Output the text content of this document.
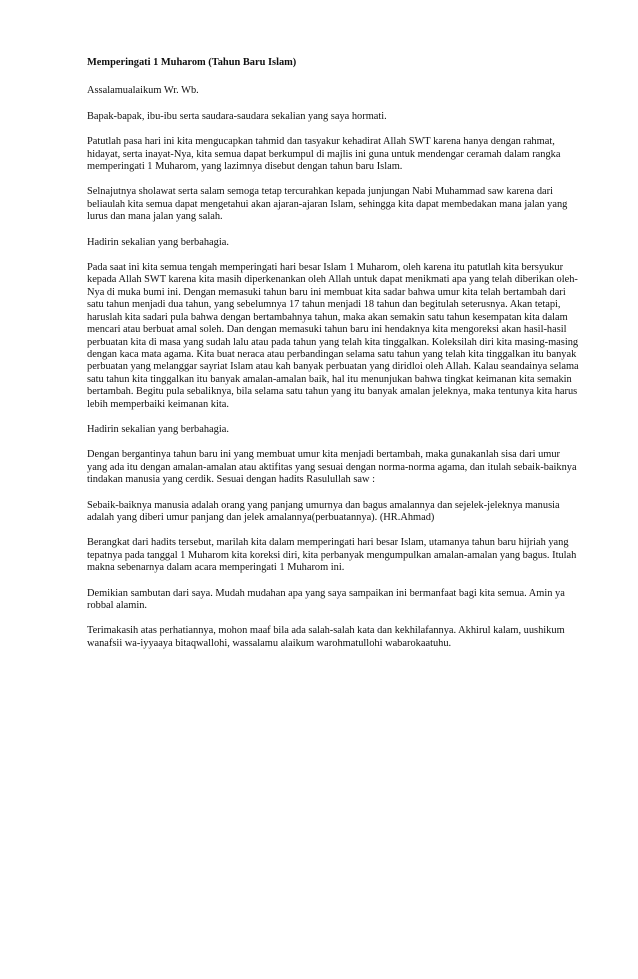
Memperingati 1 Muharom (Tahun Baru Islam)

Assalamualaikum Wr. Wb.

Bapak-bapak, ibu-ibu serta saudara-saudara sekalian yang saya hormati.

Patutlah pasa hari ini kita mengucapkan tahmid dan tasyakur kehadirat Allah SWT karena hanya dengan rahmat, hidayat, serta inayat-Nya, kita semua dapat berkumpul di majlis ini guna untuk mendengar ceramah dalam rangka memperingati 1 Muharom, yang lazimnya disebut dengan tahun baru Islam.

Selnajutnya sholawat serta salam semoga tetap tercurahkan kepada junjungan Nabi Muhammad saw karena dari beliaulah kita semua dapat mengetahui akan ajaran-ajaran Islam, sehingga kita dapat membedakan mana jalan yang lurus dan mana jalan yang salah.

Hadirin sekalian yang berbahagia.

Pada saat ini kita semua tengah memperingati hari besar Islam 1 Muharom, oleh karena itu patutlah kita bersyukur kepada Allah SWT karena kita masih diperkenankan oleh Allah untuk dapat menikmati apa yang telah diberikan oleh-Nya di muka bumi ini. Dengan memasuki tahun baru ini membuat kita sadar bahwa umur kita telah bertambah dari satu tahun menjadi dua tahun, yang sebelumnya 17 tahun menjadi 18 tahun dan begitulah seterusnya. Akan tetapi, haruslah kita sadari pula bahwa dengan bertambahnya tahun, maka akan semakin satu tahun kesempatan kita dalam mencari atau berbuat amal soleh. Dan dengan memasuki tahun baru ini hendaknya kita mengoreksi akan hasil-hasil perbuatan kita di masa yang sudah lalu atau pada tahun yang telah kita tinggalkan. Koleksilah diri kita masing-masing dengan kaca mata agama. Kita buat neraca atau perbandingan selama satu tahun yang telah kita tinggalkan itu banyak perbuatan yang melanggar sayriat Islam atau kah banyak perbuatan yang diridloi oleh Allah. Kalau seandainya selama satu tahun kita tinggalkan itu banyak amalan-amalan baik, hal itu menunjukan bahwa tingkat keimanan kita semakin bertambah. Begitu pula sebaliknya, bila selama satu tahun yang itu banyak amalan jeleknya, maka tentunya kita harus lebih memperbaiki keimanan kita.

Hadirin sekalian yang berbahagia.

Dengan bergantinya tahun baru ini yang membuat umur kita menjadi bertambah, maka gunakanlah sisa dari umur yang ada itu dengan amalan-amalan atau aktifitas yang sesuai dengan norma-norma agama, dan itulah sebaik-baiknya tindakan manusia yang cerdik. Sesuai dengan hadits Rasulullah saw :

Sebaik-baiknya manusia adalah orang yang panjang umurnya dan bagus amalannya dan sejelek-jeleknya manusia adalah yang diberi umur panjang dan jelek amalannya(perbuatannya). (HR.Ahmad)

Berangkat dari hadits tersebut, marilah kita dalam memperingati hari besar Islam, utamanya tahun baru hijriah yang tepatnya pada tanggal 1 Muharom kita koreksi diri, kita perbanyak mengumpulkan amalan-amalan yang bagus. Itulah makna sebenarnya dalam acara memperingati 1 Muharom ini.

Demikian sambutan dari saya. Mudah mudahan apa yang saya sampaikan ini bermanfaat bagi kita semua. Amin ya robbal alamin.

Terimakasih atas perhatiannya, mohon maaf bila ada salah-salah kata dan kekhilafannya. Akhirul kalam, uushikum wanafsii wa-iyyaaya bitaqwallohi, wassalamu alaikum warohmatullohi wabarokaatuhu.
